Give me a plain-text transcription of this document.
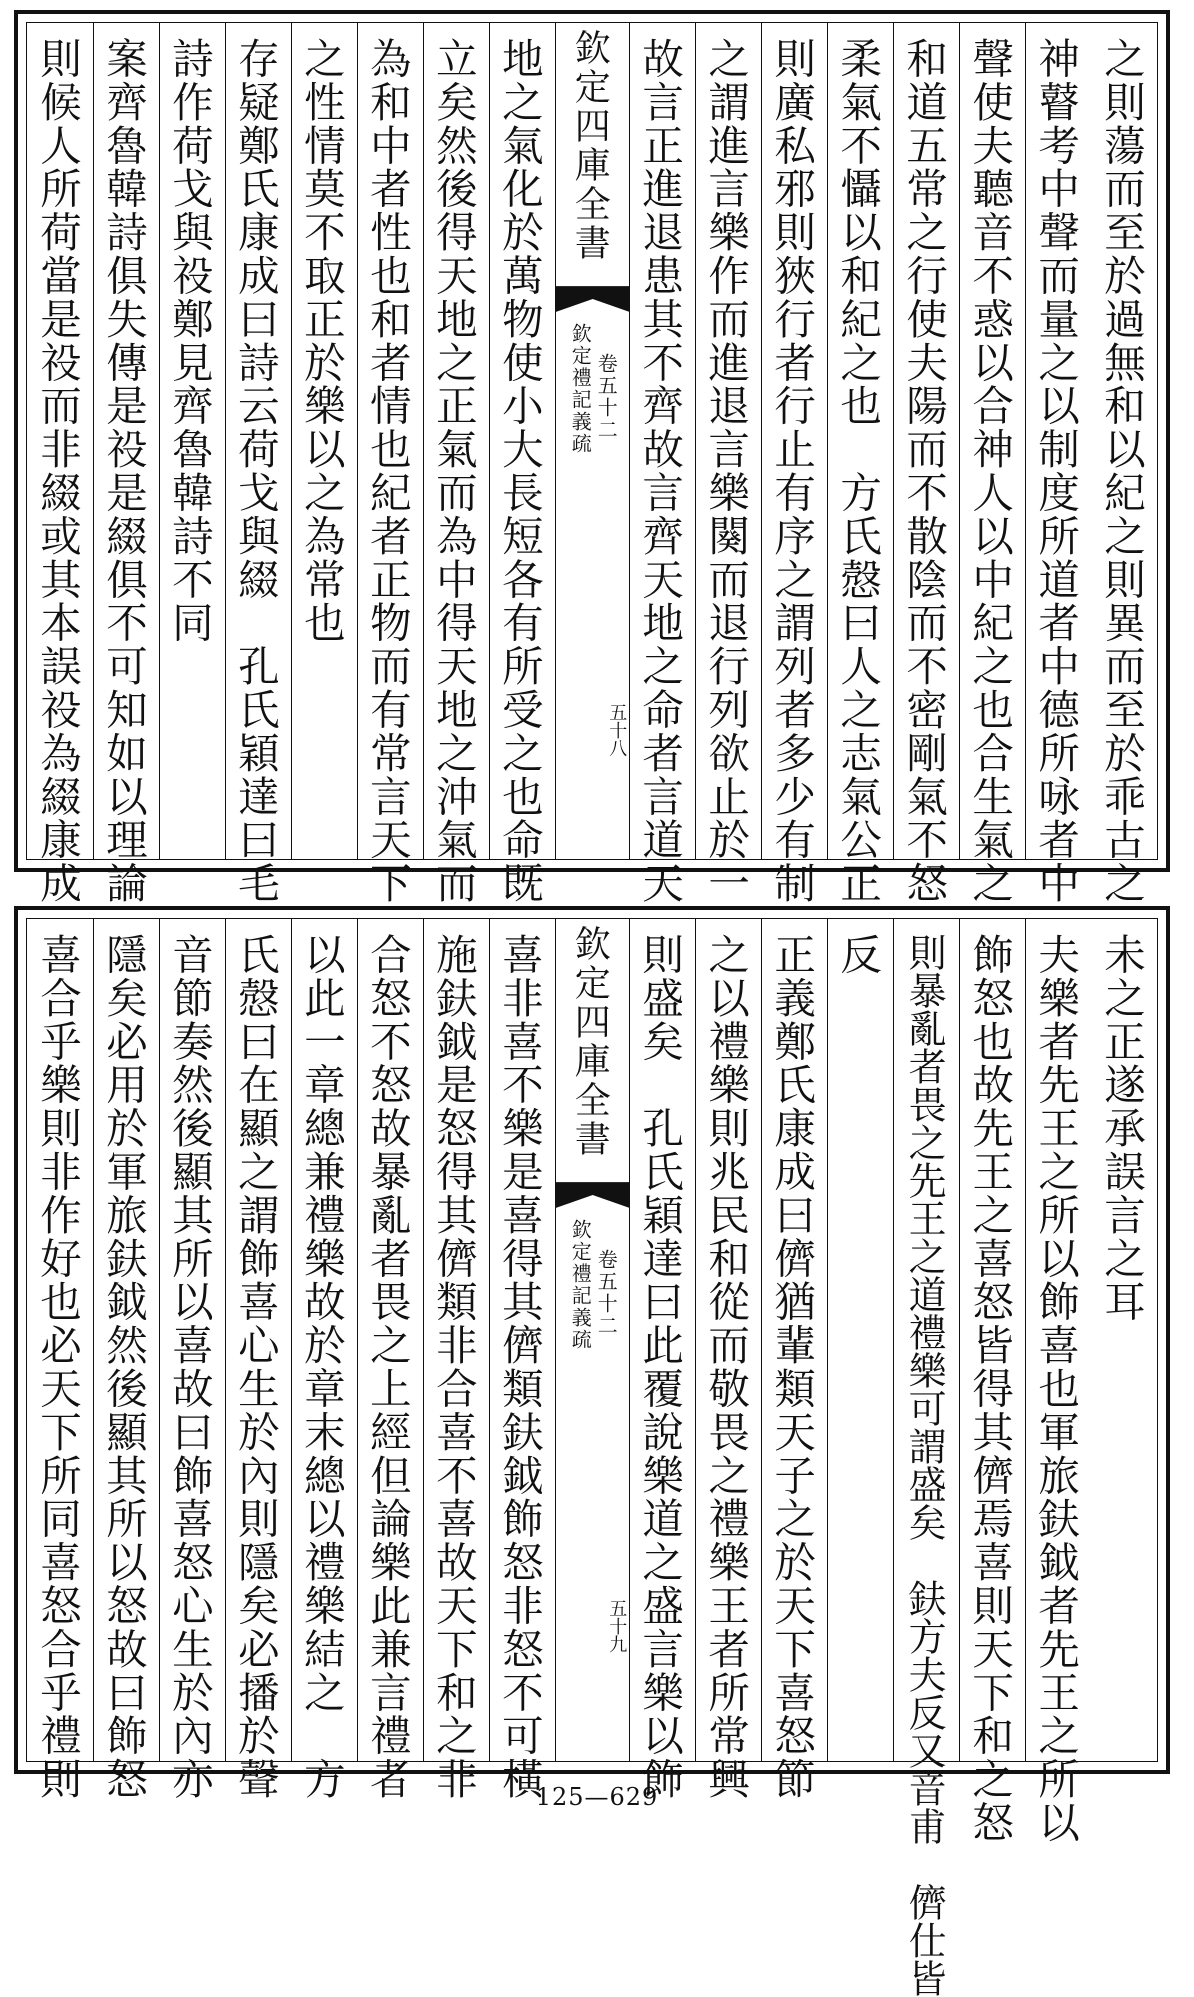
之則蕩而至於過無和以紀之則異而至於乖古之
神瞽考中聲而量之以制度所道者中德所咏者中
聲使夫聽音不惑以合神人以中紀之也合生氣之
和道五常之行使夫陽而不散陰而不密剛氣不怒
柔氣不懾以和紀之也　方氏慤曰人之志氣公正
則廣私邪則狹行者行止有序之謂列者多少有制
之謂進言樂作而進退言樂闋而退行列欲止於一
故言正進退患其不齊故言齊天地之命者言道天
欽定四庫全書
欽定禮記義疏 卷五十二
五十八
地之氣化於萬物使小大長短各有所受之也命既
立矣然後得天地之正氣而為中得天地之沖氣而
為和中者性也和者情也紀者正物而有常言天下
之性情莫不取正於樂以之為常也
存疑鄭氏康成曰詩云荷戈與綴　孔氏穎達曰毛
詩作荷戈與祋鄭見齊魯韓詩不同
案齊魯韓詩俱失傳是祋是綴俱不可知如以理論
則候人所荷當是祋而非綴或其本誤祋為綴康成
未之正遂承誤言之耳
夫樂者先王之所以飾喜也軍旅鈇鉞者先王之所以
飾怒也故先王之喜怒皆得其儕焉喜則天下和之怒
則暴亂者畏之先王之道禮樂可謂盛矣　鈇方夫反又音甫　儕仕皆
反
正義鄭氏康成曰儕猶輩類天子之於天下喜怒節
之以禮樂則兆民和從而敬畏之禮樂王者所常興
則盛矣　孔氏穎達曰此覆說樂道之盛言樂以飾
欽定四庫全書
欽定禮記義疏 卷五十二
五十九
喜非喜不樂是喜得其儕類鈇鉞飾怒非怒不可橫
施鈇鉞是怒得其儕類非合喜不喜故天下和之非
合怒不怒故暴亂者畏之上經但論樂此兼言禮者
以此一章總兼禮樂故於章末總以禮樂結之　方
氏慤曰在顯之謂飾喜心生於內則隱矣必播於聲
音節奏然後顯其所以喜故曰飾喜怒心生於內亦
隱矣必用於軍旅鈇鉞然後顯其所以怒故曰飾怒
喜合乎樂則非作好也必天下所同喜怒合乎禮則	125—629
